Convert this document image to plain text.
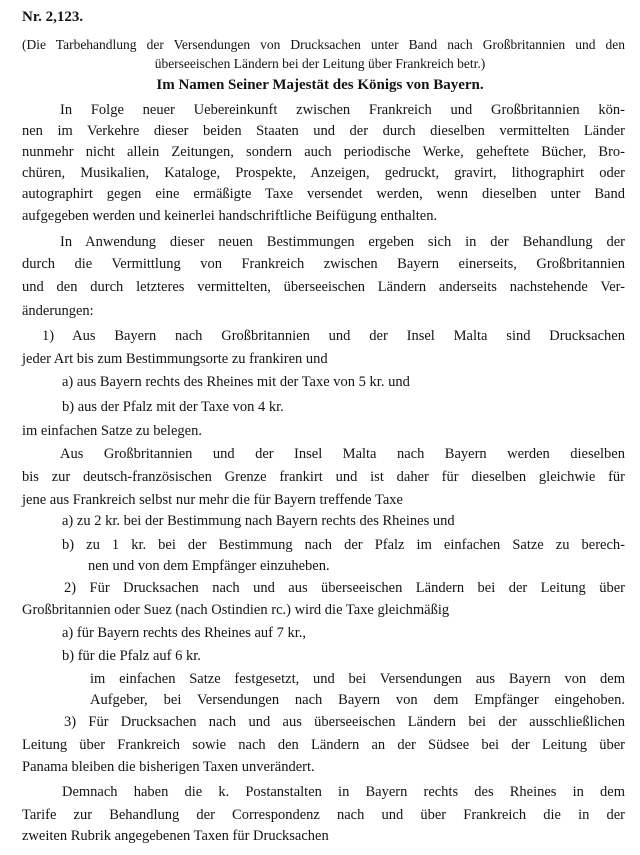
Nr. 2,123.
(Die Tarbehandlung der Versendungen von Drucksachen unter Band nach Großbritannien und den
überseeischen Ländern bei der Leitung über Frankreich betr.)
Im Namen Seiner Majestät des Königs von Bayern.
In Folge neuer Uebereinkunft zwischen Frankreich und Großbritannien kön-
nen im Verkehre dieser beiden Staaten und der durch dieselben vermittelten Länder
nunmehr nicht allein Zeitungen, sondern auch periodische Werke, geheftete Bücher, Bro-
chüren, Musikalien, Kataloge, Prospekte, Anzeigen, gedruckt, gravirt, lithographirt oder
autographirt gegen eine ermäßigte Taxe versendet werden, wenn dieselben unter Band
aufgegeben werden und keinerlei handschriftliche Beifügung enthalten.
In Anwendung dieser neuen Bestimmungen ergeben sich in der Behandlung der
durch die Vermittlung von Frankreich zwischen Bayern einerseits, Großbritannien
und den durch letzteres vermittelten, überseeischen Ländern anderseits nachstehende Ver-
änderungen:
1) Aus Bayern nach Großbritannien und der Insel Malta sind Drucksachen
jeder Art bis zum Bestimmungsorte zu frankiren und
a) aus Bayern rechts des Rheines mit der Taxe von 5 kr. und
b) aus der Pfalz mit der Taxe von 4 kr.
im einfachen Satze zu belegen.
Aus Großbritannien und der Insel Malta nach Bayern werden dieselben
bis zur deutsch-französischen Grenze frankirt und ist daher für dieselben gleichwie für
jene aus Frankreich selbst nur mehr die für Bayern treffende Taxe
a) zu 2 kr. bei der Bestimmung nach Bayern rechts des Rheines und
b) zu 1 kr. bei der Bestimmung nach der Pfalz im einfachen Satze zu berech-
nen und von dem Empfänger einzuheben.
2) Für Drucksachen nach und aus überseeischen Ländern bei der Leitung über
Großbritannien oder Suez (nach Ostindien rc.) wird die Taxe gleichmäßig
a) für Bayern rechts des Rheines auf 7 kr.,
b) für die Pfalz auf 6 kr.
im einfachen Satze festgesetzt, und bei Versendungen aus Bayern von dem
Aufgeber, bei Versendungen nach Bayern von dem Empfänger eingehoben.
3) Für Drucksachen nach und aus überseeischen Ländern bei der ausschließlichen
Leitung über Frankreich sowie nach den Ländern an der Südsee bei der Leitung über
Panama bleiben die bisherigen Taxen unverändert.
Demnach haben die k. Postanstalten in Bayern rechts des Rheines in dem
Tarife zur Behandlung der Correspondenz nach und über Frankreich die in der
zweiten Rubrik angegebenen Taxen für Drucksachen
